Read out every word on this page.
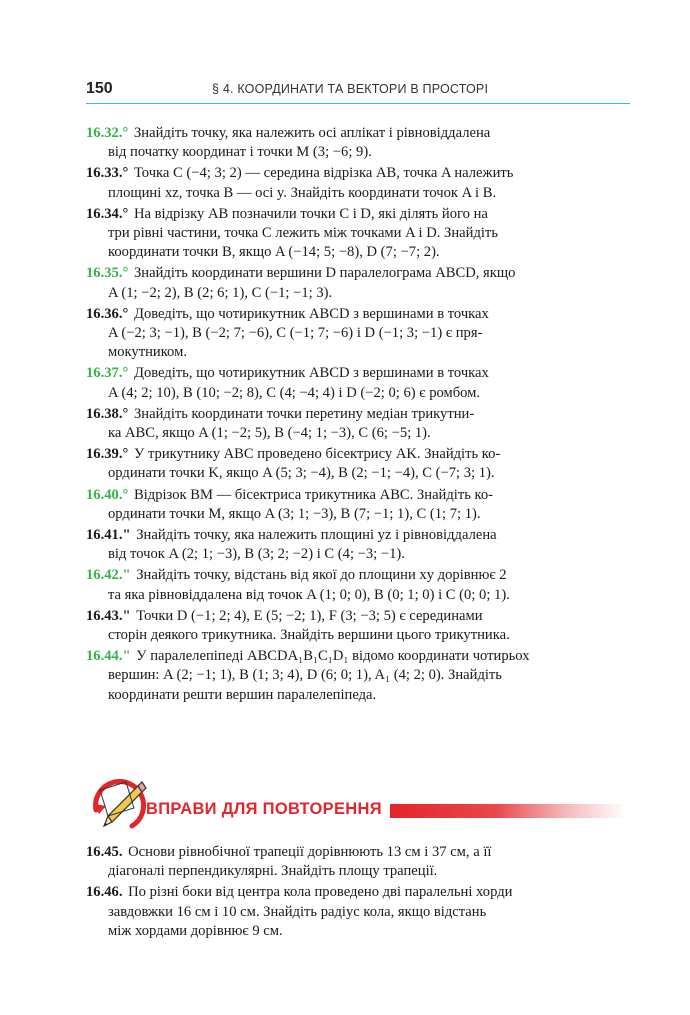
150	§ 4. КООРДИНАТИ ТА ВЕКТОРИ В ПРОСТОРІ
16.32.° Знайдіть точку, яка належить осі аплікат і рівновіддалена
від початку координат і точки M (3; −6; 9).
16.33.° Точка C (−4; 3; 2) — середина відрізка AB, точка A належить
площині xz, точка B — осі y. Знайдіть координати точок A і B.
16.34.° На відрізку AB позначили точки C і D, які ділять його на
три рівні частини, точка C лежить між точками A і D. Знайдіть
координати точки B, якщо A (−14; 5; −8), D (7; −7; 2).
16.35.° Знайдіть координати вершини D паралелограма ABCD, якщо
A (1; −2; 2), B (2; 6; 1), C (−1; −1; 3).
16.36.° Доведіть, що чотирикутник ABCD з вершинами в точках
A (−2; 3; −1), B (−2; 7; −6), C (−1; 7; −6) і D (−1; 3; −1) є пря-
мокутником.
16.37.° Доведіть, що чотирикутник ABCD з вершинами в точках
A (4; 2; 10), B (10; −2; 8), C (4; −4; 4) і D (−2; 0; 6) є ромбом.
16.38.° Знайдіть координати точки перетину медіан трикутни-
ка ABC, якщо A (1; −2; 5), B (−4; 1; −3), C (6; −5; 1).
16.39.° У трикутнику ABC проведено бісектрису AK. Знайдіть ко-
ординати точки K, якщо A (5; 3; −4), B (2; −1; −4), C (−7; 3; 1).
16.40.° Відрізок BM — бісектриса трикутника ABC. Знайдіть ко-
ординати точки M, якщо A (3; 1; −3), B (7; −1; 1), C (1; 7; 1).
16.41." Знайдіть точку, яка належить площині yz і рівновіддалена
від точок A (2; 1; −3), B (3; 2; −2) і C (4; −3; −1).
16.42." Знайдіть точку, відстань від якої до площини xy дорівнює 2
та яка рівновіддалена від точок A (1; 0; 0), B (0; 1; 0) і C (0; 0; 1).
16.43." Точки D (−1; 2; 4), E (5; −2; 1), F (3; −3; 5) є серединами
сторін деякого трикутника. Знайдіть вершини цього трикутника.
16.44." У паралелепіпеді ABCDA₁B₁C₁D₁ відомо координати чотирьох
вершин: A (2; −1; 1), B (1; 3; 4), D (6; 0; 1), A₁ (4; 2; 0). Знайдіть
координати решти вершин паралелепіпеда.
ВПРАВИ ДЛЯ ПОВТОРЕННЯ
16.45. Основи рівнобічної трапеції дорівнюють 13 см і 37 см, а її
діагоналі перпендикулярні. Знайдіть площу трапеції.
16.46. По різні боки від центра кола проведено дві паралельні хорди
завдовжки 16 см і 10 см. Знайдіть радіус кола, якщо відстань
між хордами дорівнює 9 см.
